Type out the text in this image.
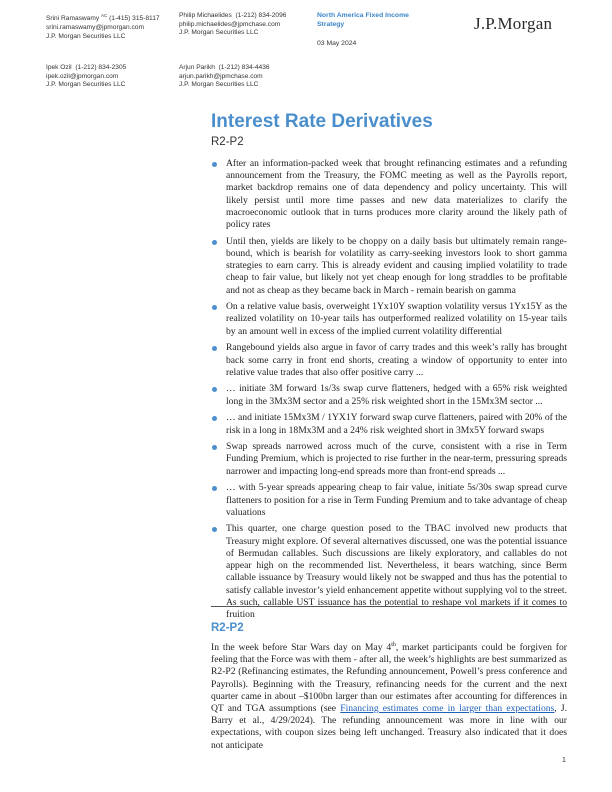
Srini Ramaswamy $^{AC}$ (1-415) 315-8117
srini.ramaswamy@jpmorgan.com
J.P. Morgan Securities LLC
Philip Michaelides (1-212) 834-2096
philip.michaelides@jpmchase.com
J.P. Morgan Securities LLC
Ipek Ozil (1-212) 834-2305
ipek.ozil@jpmorgan.com
J.P. Morgan Securities LLC
Arjun Parikh (1-212) 834-4436
arjun.parikh@jpmchase.com
J.P. Morgan Securities LLC
North America Fixed Income
Strategy
03 May 2024
J.P.Morgan
Interest Rate Derivatives
R2-P2
After an information-packed week that brought refinancing estimates and a refunding announcement from the Treasury, the FOMC meeting as well as the Payrolls report, market backdrop remains one of data dependency and policy uncertainty. This will likely persist until more time passes and new data materializes to clarify the macroeconomic outlook that in turns produces more clarity around the likely path of policy rates
Until then, yields are likely to be choppy on a daily basis but ultimately remain range-bound, which is bearish for volatility as carry-seeking investors look to short gamma strategies to earn carry. This is already evident and causing implied volatility to trade cheap to fair value, but likely not yet cheap enough for long straddles to be profitable and not as cheap as they became back in March - remain bearish on gamma
On a relative value basis, overweight 1Yx10Y swaption volatility versus 1Yx15Y as the realized volatility on 10-year tails has outperformed realized volatility on 15-year tails by an amount well in excess of the implied current volatility differential
Rangebound yields also argue in favor of carry trades and this week’s rally has brought back some carry in front end shorts, creating a window of opportunity to enter into relative value trades that also offer positive carry ...
… initiate 3M forward 1s/3s swap curve flatteners, hedged with a 65% risk weighted long in the 3Mx3M sector and a 25% risk weighted short in the 15Mx3M sector ...
… and initiate 15Mx3M / 1YX1Y forward swap curve flatteners, paired with 20% of the risk in a long in 18Mx3M and a 24% risk weighted short in 3Mx5Y forward swaps
Swap spreads narrowed across much of the curve, consistent with a rise in Term Funding Premium, which is projected to rise further in the near-term, pressuring spreads narrower and impacting long-end spreads more than front-end spreads ...
… with 5-year spreads appearing cheap to fair value, initiate 5s/30s swap spread curve flatteners to position for a rise in Term Funding Premium and to take advantage of cheap valuations
This quarter, one charge question posed to the TBAC involved new products that Treasury might explore. Of several alternatives discussed, one was the potential issuance of Bermudan callables. Such discussions are likely exploratory, and callables do not appear high on the recommended list. Nevertheless, it bears watching, since Berm callable issuance by Treasury would likely not be swapped and thus has the potential to satisfy callable investor’s yield enhancement appetite without supplying vol to the street. As such, callable UST issuance has the potential to reshape vol markets if it comes to fruition
R2-P2
In the week before Star Wars day on May 4th, market participants could be forgiven for feeling that the Force was with them - after all, the week’s highlights are best summarized as R2-P2 (Refinancing estimates, the Refunding announcement, Powell’s press conference and Payrolls). Beginning with the Treasury, refinancing needs for the current and the next quarter came in about –$100bn larger than our estimates after accounting for differences in QT and TGA assumptions (see Financing estimates come in larger than expectations, J. Barry et al., 4/29/2024). The refunding announcement was more in line with our expectations, with coupon sizes being left unchanged. Treasury also indicated that it does not anticipate
1
